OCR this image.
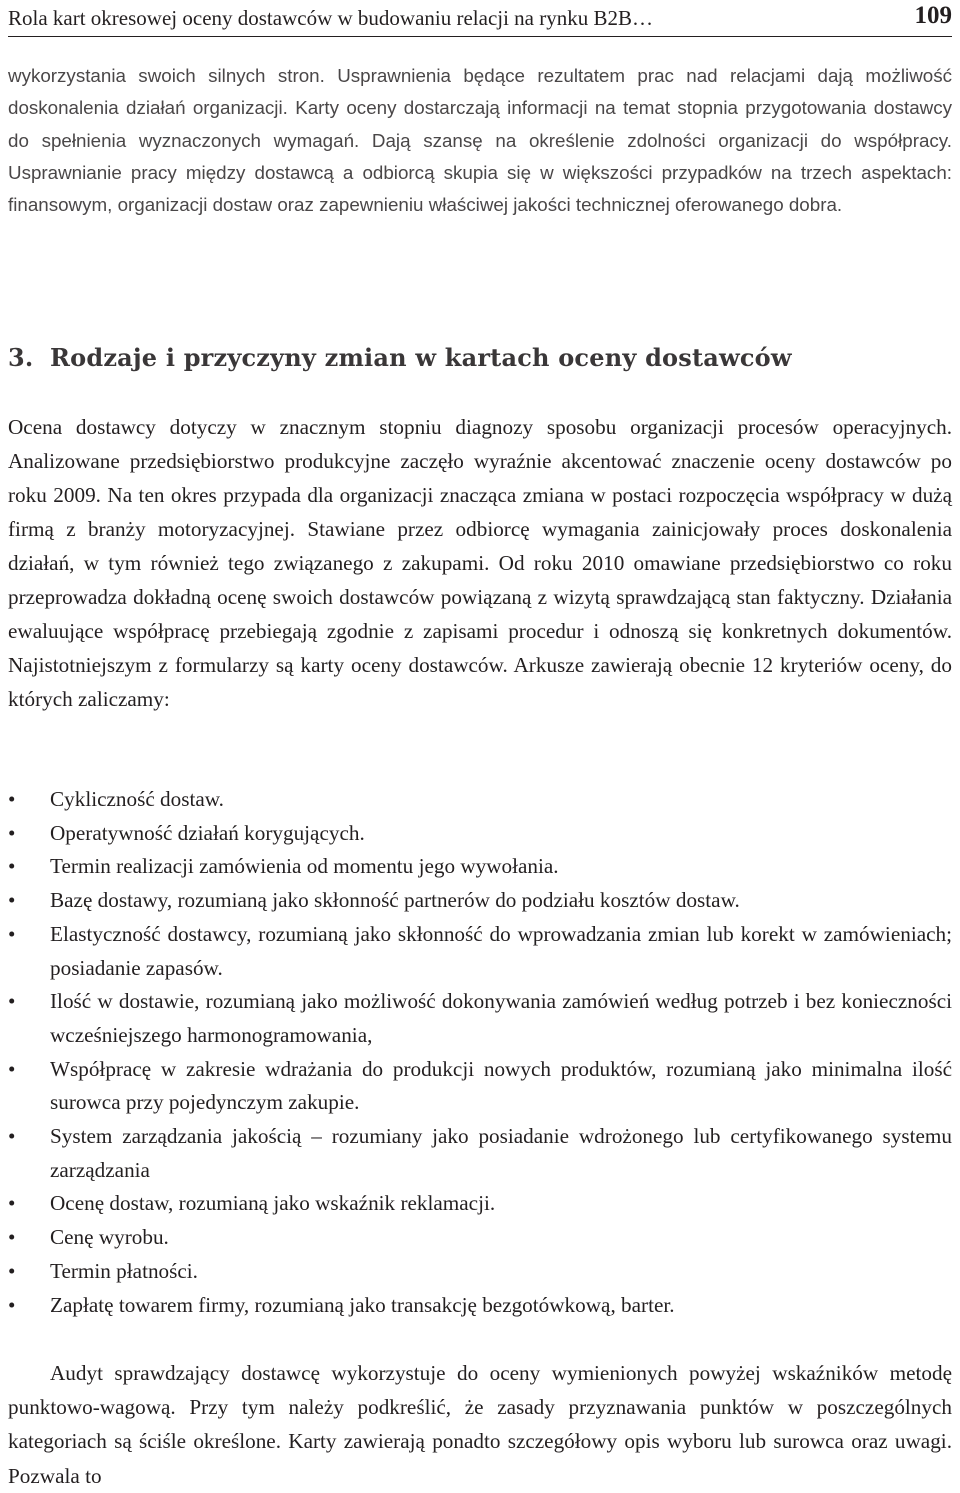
Rola kart okresowej oceny dostawców w budowaniu relacji na rynku B2B…	109

wykorzystania swoich silnych stron. Usprawnienia będące rezultatem prac nad relacjami dają możliwość doskonalenia działań organizacji. Karty oceny dostarczają informacji na temat stopnia przygotowania dostawcy do spełnienia wyznaczonych wymagań. Dają szansę na określenie zdolności organizacji do współpracy. Usprawnianie pracy między dostawcą a odbiorcą skupia się w większości przypadków na trzech aspektach: finansowym, organizacji dostaw oraz zapewnieniu właściwej jakości technicznej oferowanego dobra.

3. Rodzaje i przyczyny zmian w kartach oceny dostawców

Ocena dostawcy dotyczy w znacznym stopniu diagnozy sposobu organizacji procesów operacyjnych. Analizowane przedsiębiorstwo produkcyjne zaczęło wyraźnie akcentować znaczenie oceny dostawców po roku 2009. Na ten okres przypada dla organizacji znacząca zmiana w postaci rozpoczęcia współpracy w dużą firmą z branży motoryzacyjnej. Stawiane przez odbiorcę wymagania zainicjowały proces doskonalenia działań, w tym również tego związanego z zakupami. Od roku 2010 omawiane przedsiębiorstwo co roku przeprowadza dokładną ocenę swoich dostawców powiązaną z wizytą sprawdzającą stan faktyczny. Działania ewaluujące współpracę przebiegają zgodnie z zapisami procedur i odnoszą się konkretnych dokumentów. Najistotniejszym z formularzy są karty oceny dostawców. Arkusze zawierają obecnie 12 kryteriów oceny, do których zaliczamy:

•	Cykliczność dostaw.
•	Operatywność działań korygujących.
•	Termin realizacji zamówienia od momentu jego wywołania.
•	Bazę dostawy, rozumianą jako skłonność partnerów do podziału kosztów dostaw.
•	Elastyczność dostawcy, rozumianą jako skłonność do wprowadzania zmian lub korekt w zamówieniach; posiadanie zapasów.
•	Ilość w dostawie, rozumianą jako możliwość dokonywania zamówień według potrzeb i bez konieczności wcześniejszego harmonogramowania,
•	Współpracę w zakresie wdrażania do produkcji nowych produktów, rozumianą jako minimalna ilość surowca przy pojedynczym zakupie.
•	System zarządzania jakością – rozumiany jako posiadanie wdrożonego lub certyfikowanego systemu zarządzania
•	Ocenę dostaw, rozumianą jako wskaźnik reklamacji.
•	Cenę wyrobu.
•	Termin płatności.
•	Zapłatę towarem firmy, rozumianą jako transakcję bezgotówkową, barter.

Audyt sprawdzający dostawcę wykorzystuje do oceny wymienionych powyżej wskaźników metodę punktowo-wagową. Przy tym należy podkreślić, że zasady przyznawania punktów w poszczególnych kategoriach są ściśle określone. Karty zawierają ponadto szczegółowy opis wyboru lub surowca oraz uwagi. Pozwala to
